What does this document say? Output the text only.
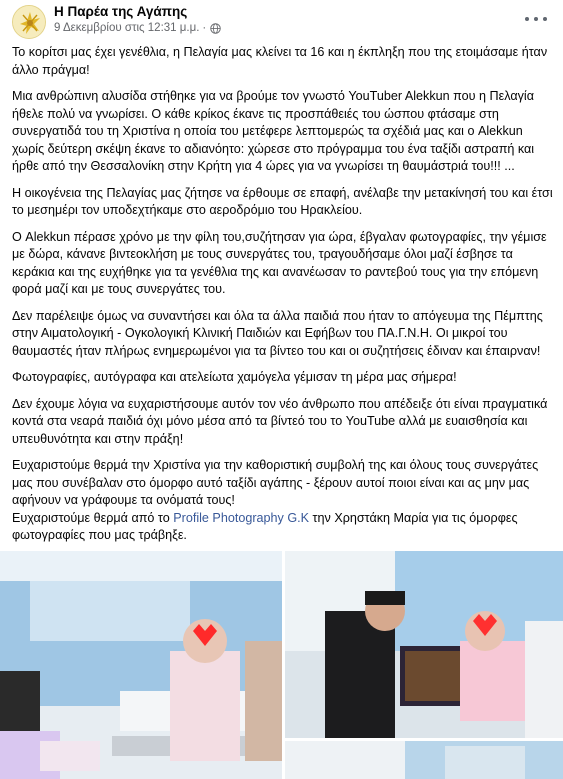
Η Παρέα της Αγάπης
9 Δεκεμβρίου στις 12:31 μ.μ. ·

Το κορίτσι μας έχει γενέθλια, η Πελαγία μας κλείνει τα 16 και η έκπληξη που της ετοιμάσαμε ήταν άλλο πράγμα!

Μια ανθρώπινη αλυσίδα στήθηκε για να βρούμε τον γνωστό YouTuber Alekkun που η Πελαγία ήθελε πολύ να γνωρίσει. Ο κάθε κρίκος έκανε τις προσπάθειές του ώσπου φτάσαμε στη συνεργατιδά του τη Χριστίνα η οποία του μετέφερε λεπτομερώς τα σχέδιά μας και ο Alekkun χωρίς δεύτερη σκέψη έκανε το αδιανόητο: χώρεσε στο πρόγραμμα του ένα ταξίδι αστραπή και ήρθε από την Θεσσαλονίκη στην Κρήτη για 4 ώρες για να γνωρίσει τη θαυμάστριά του!!! ...

Η οικογένεια της Πελαγίας μας ζήτησε να έρθουμε σε επαφή, ανέλαβε την μετακίνησή του και έτσι το μεσημέρι τον υποδεχτήκαμε στο αεροδρόμιο του Ηρακλείου.

Ο Alekkun πέρασε χρόνο με την φίλη του,συζήτησαν για ώρα, έβγαλαν φωτογραφίες, την γέμισε με δώρα, κάνανε βιντεοκλήση με τους συνεργάτες του, τραγουδήσαμε όλοι μαζί έσβησε τα κεράκια και της ευχήθηκε για τα γενέθλια της και ανανέωσαν το ραντεβού τους για την επόμενη φορά μαζί και με τους συνεργάτες του.

Δεν παρέλειψε όμως να συναντήσει και όλα τα άλλα παιδιά που ήταν το απόγευμα της Πέμπτης στην Αιματολογική - Ογκολογική Κλινική Παιδιών και Εφήβων του ΠΑ.Γ.Ν.Η. Οι μικροί του θαυμαστές ήταν πλήρως ενημερωμένοι για τα βίντεο του και οι συζητήσεις έδιναν και έπαιρναν!

Φωτογραφίες, αυτόγραφα και ατελείωτα χαμόγελα γέμισαν τη μέρα μας σήμερα!

Δεν έχουμε λόγια να ευχαριστήσουμε αυτόν τον νέο άνθρωπο που απέδειξε ότι είναι πραγματικά κοντά στα νεαρά παιδιά όχι μόνο μέσα από τα βίντεό του το YouTube αλλά με ευαισθησία και υπευθυνότητα και στην πράξη!

Ευχαριστούμε θερμά την Χριστίνα για την καθοριστική συμβολή της και όλους τους συνεργάτες μας που συνέβαλαν στο όμορφο αυτό ταξίδι αγάπης - ξέρουν αυτοί ποιοι είναι και ας μην μας αφήνουν να γράφουμε τα ονόματά τους!

Ευχαριστούμε θερμά από το Profile Photography G.K την Χρηστάκη Μαρία για τις όμορφες φωτογραφίες που μας τράβηξε.
